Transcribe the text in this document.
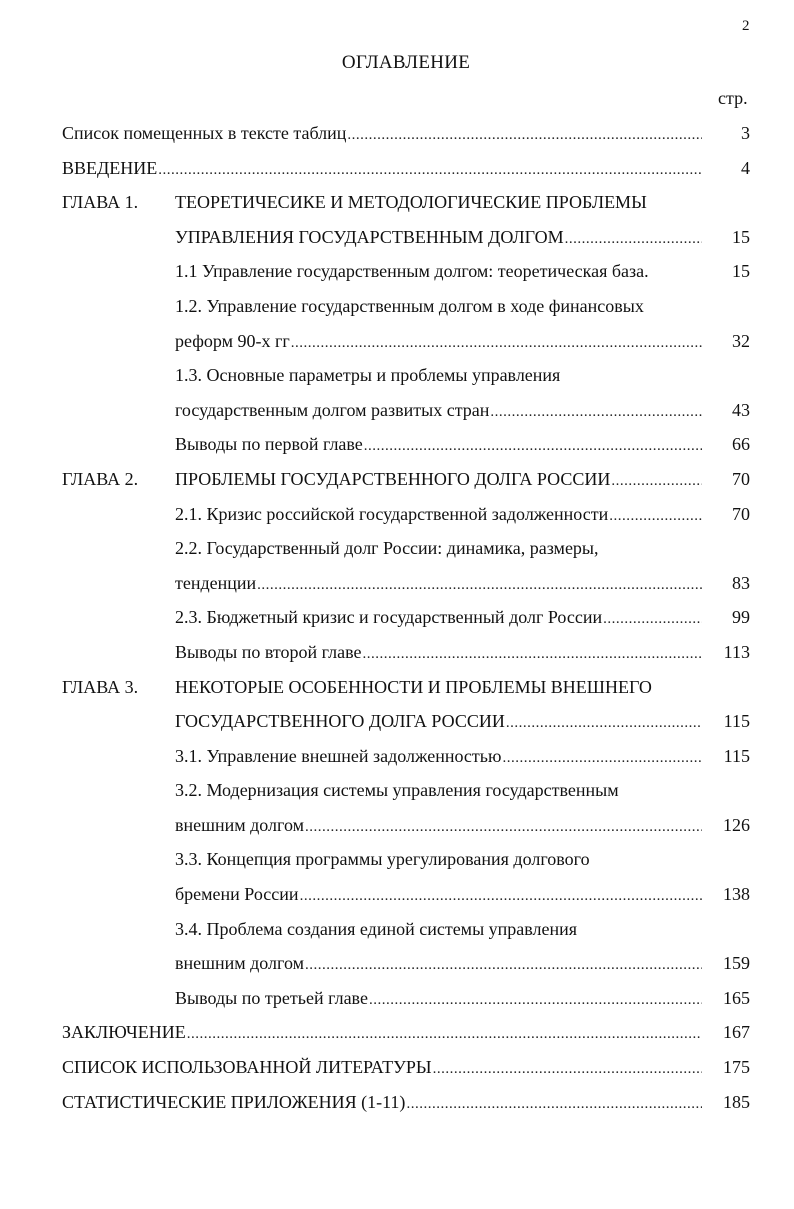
2
ОГЛАВЛЕНИЕ
стр.
Список помещенных в тексте таблиц .....	3
ВВЕДЕНИЕ .....	4
ГЛАВА 1. ТЕОРЕТИЧЕСИКЕ И МЕТОДОЛОГИЧЕСКИЕ ПРОБЛЕМЫ
УПРАВЛЕНИЯ ГОСУДАРСТВЕННЫМ ДОЛГОМ .....	15
1.1 Управление государственным долгом: теоретическая база.	15
1.2. Управление государственным долгом в ходе финансовых
реформ 90-х гг .....	32
1.3. Основные параметры и проблемы управления
государственным долгом развитых стран .....	43
Выводы по первой главе .....	66
ГЛАВА 2. ПРОБЛЕМЫ ГОСУДАРСТВЕННОГО ДОЛГА РОССИИ .....	70
2.1. Кризис российской государственной задолженности .....	70
2.2. Государственный долг России: динамика, размеры,
тенденции .....	83
2.3. Бюджетный кризис и государственный долг России .....	99
Выводы по второй главе .....	113
ГЛАВА 3. НЕКОТОРЫЕ ОСОБЕННОСТИ И ПРОБЛЕМЫ ВНЕШНЕГО
ГОСУДАРСТВЕННОГО ДОЛГА РОССИИ .....	115
3.1. Управление внешней задолженностью .....	115
3.2. Модернизация системы управления государственным
внешним долгом .....	126
3.3. Концепция программы урегулирования долгового
бремени России .....	138
3.4. Проблема создания единой системы управления
внешним долгом .....	159
Выводы по третьей главе .....	165
ЗАКЛЮЧЕНИЕ .....	167
СПИСОК ИСПОЛЬЗОВАННОЙ ЛИТЕРАТУРЫ .....	175
СТАТИСТИЧЕСКИЕ ПРИЛОЖЕНИЯ (1-11) .....	185
